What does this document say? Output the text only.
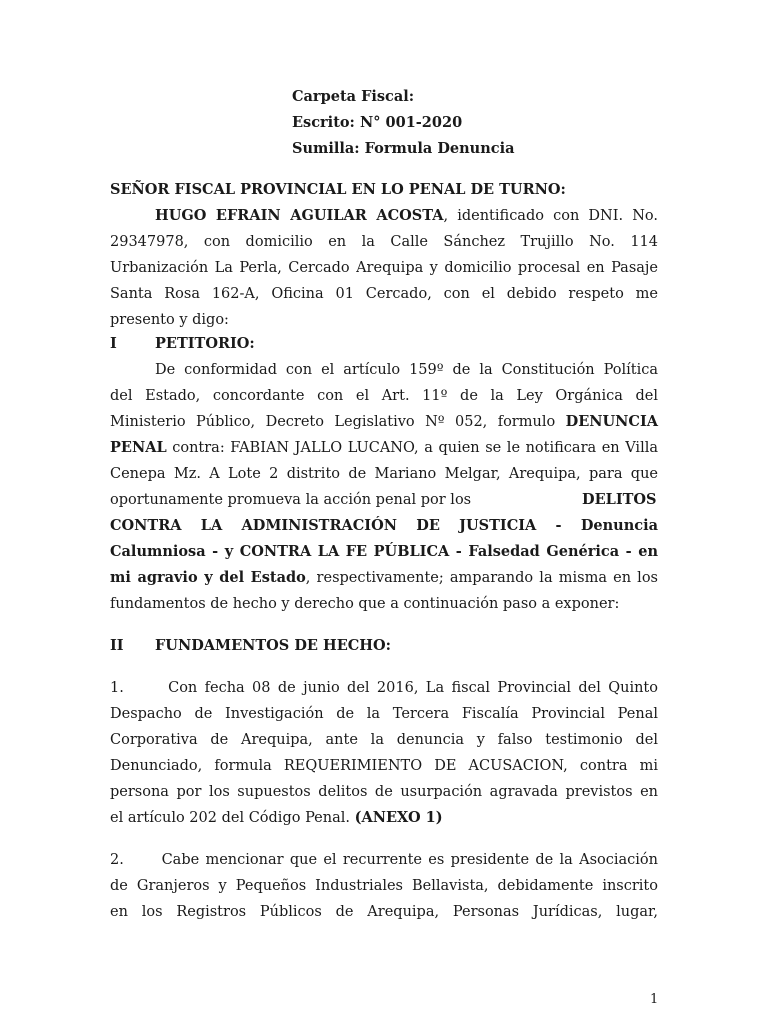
Carpeta Fiscal:
Escrito: N° 001-2020
Sumilla: Formula Denuncia
SEÑOR FISCAL PROVINCIAL EN LO PENAL DE TURNO:
HUGO EFRAIN AGUILAR ACOSTA, identificado con DNI. No.
29347978, con domicilio en la Calle Sánchez Trujillo No. 114
Urbanización La Perla, Cercado Arequipa y domicilio procesal en Pasaje
Santa Rosa 162-A, Oficina 01 Cercado, con el debido respeto me
presento y digo:
I	PETITORIO:
De conformidad con el artículo 159º de la Constitución Política
del Estado, concordante con el Art. 11º de la Ley Orgánica del
Ministerio Público, Decreto Legislativo Nº 052, formulo DENUNCIA
PENAL contra: FABIAN JALLO LUCANO, a quien se le notificara en Villa
Cenepa Mz. A Lote 2 distrito de Mariano Melgar, Arequipa, para que
oportunamente promueva la acción penal por los	DELITOS
CONTRA LA ADMINISTRACIÓN DE JUSTICIA - Denuncia
Calumniosa - y CONTRA LA FE PÚBLICA - Falsedad Genérica - en
mi agravio y del Estado, respectivamente; amparando la misma en los
fundamentos de hecho y derecho que a continuación paso a exponer:
II FUNDAMENTOS DE HECHO:
1.      Con fecha 08 de junio del 2016, La fiscal Provincial del Quinto
Despacho de Investigación de la Tercera Fiscalía Provincial Penal
Corporativa de Arequipa, ante la denuncia y falso testimonio del
Denunciado, formula REQUERIMIENTO DE ACUSACION, contra mi
persona por los supuestos delitos de usurpación agravada previstos en
el artículo 202 del Código Penal. (ANEXO 1)
2.      Cabe mencionar que el recurrente es presidente de la Asociación
de Granjeros y Pequeños Industriales Bellavista, debidamente inscrito
en los Registros Públicos de Arequipa, Personas Jurídicas, lugar,
1
